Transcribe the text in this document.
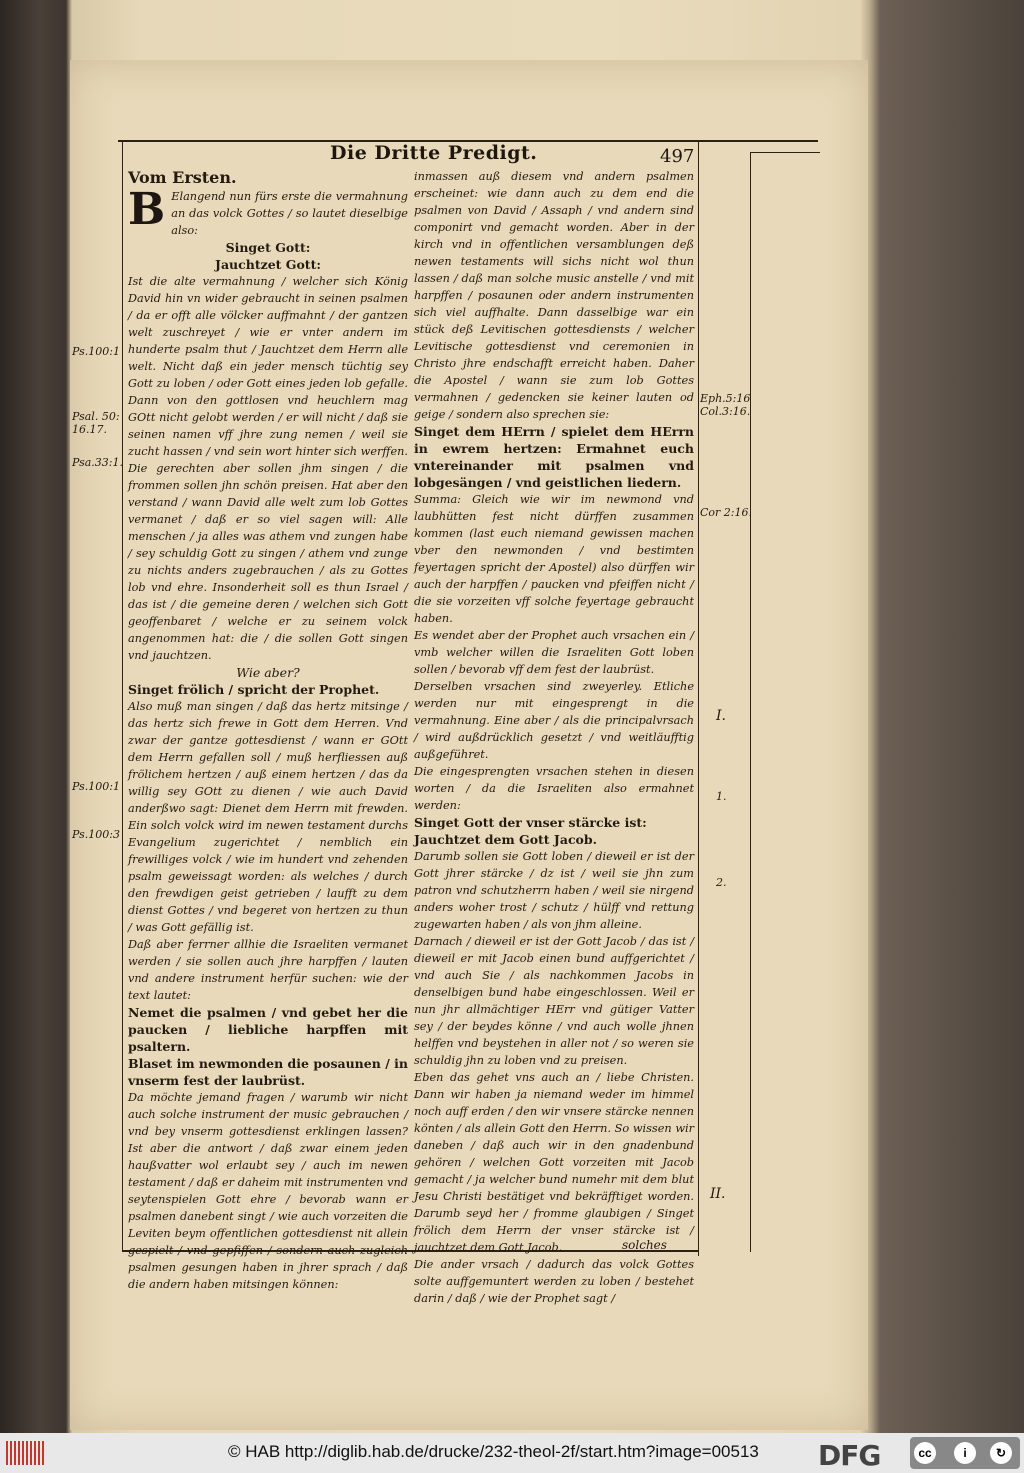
Die Dritte Predigt.	497

Vom Ersten.

B Elangend nun fürs erste die vermahnung an das volck Gottes / so lautet dieselbige also:

Singet Gott:

Jauchtzet Gott:

Ist die alte vermahnung / welcher sich König David hin vn wider gebraucht in seinen psalmen / da er offt alle völcker auffmahnt / der gantzen welt zuschreyet / wie er vnter andern im hunderte psalm thut / Jauchtzet dem Herrn alle welt. Nicht daß ein jeder mensch tüchtig sey Gott zu loben / oder Gott eines jeden lob gefalle. Dann von den gottlosen vnd heuchlern mag GOtt nicht gelobt werden / er will nicht / daß sie seinen namen vff jhre zung nemen / weil sie zucht hassen / vnd sein wort hinter sich werffen. Die gerechten aber sollen jhm singen / die frommen sollen jhn schön preisen. Hat aber den verstand / wann David alle welt zum lob Gottes vermanet / daß er so viel sagen will: Alle menschen / ja alles was athem vnd zungen habe / sey schuldig Gott zu singen / athem vnd zunge zu nichts anders zugebrauchen / als zu Gottes lob vnd ehre. Insonderheit soll es thun Israel / das ist / die gemeine deren / welchen sich Gott geoffenbaret / welche er zu seinem volck angenommen hat: die / die sollen Gott singen vnd jauchtzen.

Wie aber?

Singet frölich / spricht der Prophet.

Also muß man singen / daß das hertz mitsinge / das hertz sich frewe in Gott dem Herren. Vnd zwar der gantze gottesdienst / wann er GOtt dem Herrn gefallen soll / muß herfliessen auß frölichem hertzen / auß einem hertzen / das da willig sey GOtt zu dienen / wie auch David anderßwo sagt: Dienet dem Herrn mit frewden. Ein solch volck wird im newen testament durchs Evangelium zugerichtet / nemblich ein frewilliges volck / wie im hundert vnd zehenden psalm geweissagt worden: als welches / durch den frewdigen geist getrieben / laufft zu dem dienst Gottes / vnd begeret von hertzen zu thun / was Gott gefällig ist.

Daß aber ferrner allhie die Israeliten vermanet werden / sie sollen auch jhre harpffen / lauten vnd andere instrument herfür suchen: wie der text lautet:

Nemet die psalmen / vnd gebet her die paucken / liebliche harpffen mit psaltern.

Blaset im newmonden die posaunen / in vnserm fest der laubrüst.

Da möchte jemand fragen / warumb wir nicht auch solche instrument der music gebrauchen / vnd bey vnserm gottesdienst erklingen lassen? Ist aber die antwort / daß zwar einem jeden haußvatter wol erlaubt sey / auch im newen testament / daß er daheim mit instrumenten vnd seytenspielen Gott ehre / bevorab wann er psalmen danebent singt / wie auch vorzeiten die Leviten beym offentlichen gottesdienst nit allein gespielt / vnd gepfiffen / sondern auch zugleich psalmen gesungen haben in jhrer sprach / daß die andern haben mitsingen können:

inmassen auß diesem vnd andern psalmen erscheinet: wie dann auch zu dem end die psalmen von David / Assaph / vnd andern sind componirt vnd gemacht worden. Aber in der kirch vnd in offentlichen versamblungen deß newen testaments will sichs nicht wol thun lassen / daß man solche music anstelle / vnd mit harpffen / posaunen oder andern instrumenten sich viel auffhalte. Dann dasselbige war ein stück deß Levitischen gottesdiensts / welcher Levitische gottesdienst vnd ceremonien in Christo jhre endschafft erreicht haben. Daher die Apostel / wann sie zum lob Gottes vermahnen / gedencken sie keiner lauten od geige / sondern also sprechen sie:

Singet dem HErrn / spielet dem HErrn in ewrem hertzen: Ermahnet euch vntereinander mit psalmen vnd lobgesängen / vnd geistlichen liedern.

Summa: Gleich wie wir im newmond vnd laubhütten fest nicht dürffen zusammen kommen (last euch niemand gewissen machen vber den newmonden / vnd bestimten feyertagen spricht der Apostel) also dürffen wir auch der harpffen / paucken vnd pfeiffen nicht / die sie vorzeiten vff solche feyertage gebraucht haben.

Es wendet aber der Prophet auch vrsachen ein / vmb welcher willen die Israeliten Gott loben sollen / bevorab vff dem fest der laubrüst.

Derselben vrsachen sind zweyerley. Etliche werden nur mit eingesprengt in die vermahnung. Eine aber / als die principalvrsach / wird außdrücklich gesetzt / vnd weitläufftig außgeführet.

Die eingesprengten vrsachen stehen in diesen worten / da die Israeliten also ermahnet werden:

Singet Gott der vnser stärcke ist:

Jauchtzet dem Gott Jacob.

Darumb sollen sie Gott loben / dieweil er ist der Gott jhrer stärcke / dz ist / weil sie jhn zum patron vnd schutzherrn haben / weil sie nirgend anders woher trost / schutz / hülff vnd rettung zugewarten haben / als von jhm alleine.

Darnach / dieweil er ist der Gott Jacob / das ist / dieweil er mit Jacob einen bund auffgerichtet / vnd auch Sie / als nachkommen Jacobs in denselbigen bund habe eingeschlossen. Weil er nun jhr allmächtiger HErr vnd gütiger Vatter sey / der beydes könne / vnd auch wolle jhnen helffen vnd beystehen in aller not / so weren sie schuldig jhn zu loben vnd zu preisen.

Eben das gehet vns auch an / liebe Christen. Dann wir haben ja niemand weder im himmel noch auff erden / den wir vnsere stärcke nennen könten / als allein Gott den Herrn. So wissen wir daneben / daß auch wir in den gnadenbund gehören / welchen Gott vorzeiten mit Jacob gemacht / ja welcher bund numehr mit dem blut Jesu Christi bestätiget vnd bekräfftiget worden. Darumb seyd her / fromme glaubigen / Singet frölich dem Herrn der vnser stärcke ist / jauchtzet dem Gott Jacob.

Die ander vrsach / dadurch das volck Gottes solte auffgemuntert werden zu loben / bestehet darin / daß / wie der Prophet sagt /

Ps.100:1
Psal. 50: 16.17.
Psa.33:1.
Ps.100:1
Ps.100:3
Eph.5:16 Col.3:16.
Cor 2:16.
I.
1.
2.
II.
solches
© HAB http://diglib.hab.de/drucke/232-theol-2f/start.htm?image=00513 DFG	cc	i	↻
